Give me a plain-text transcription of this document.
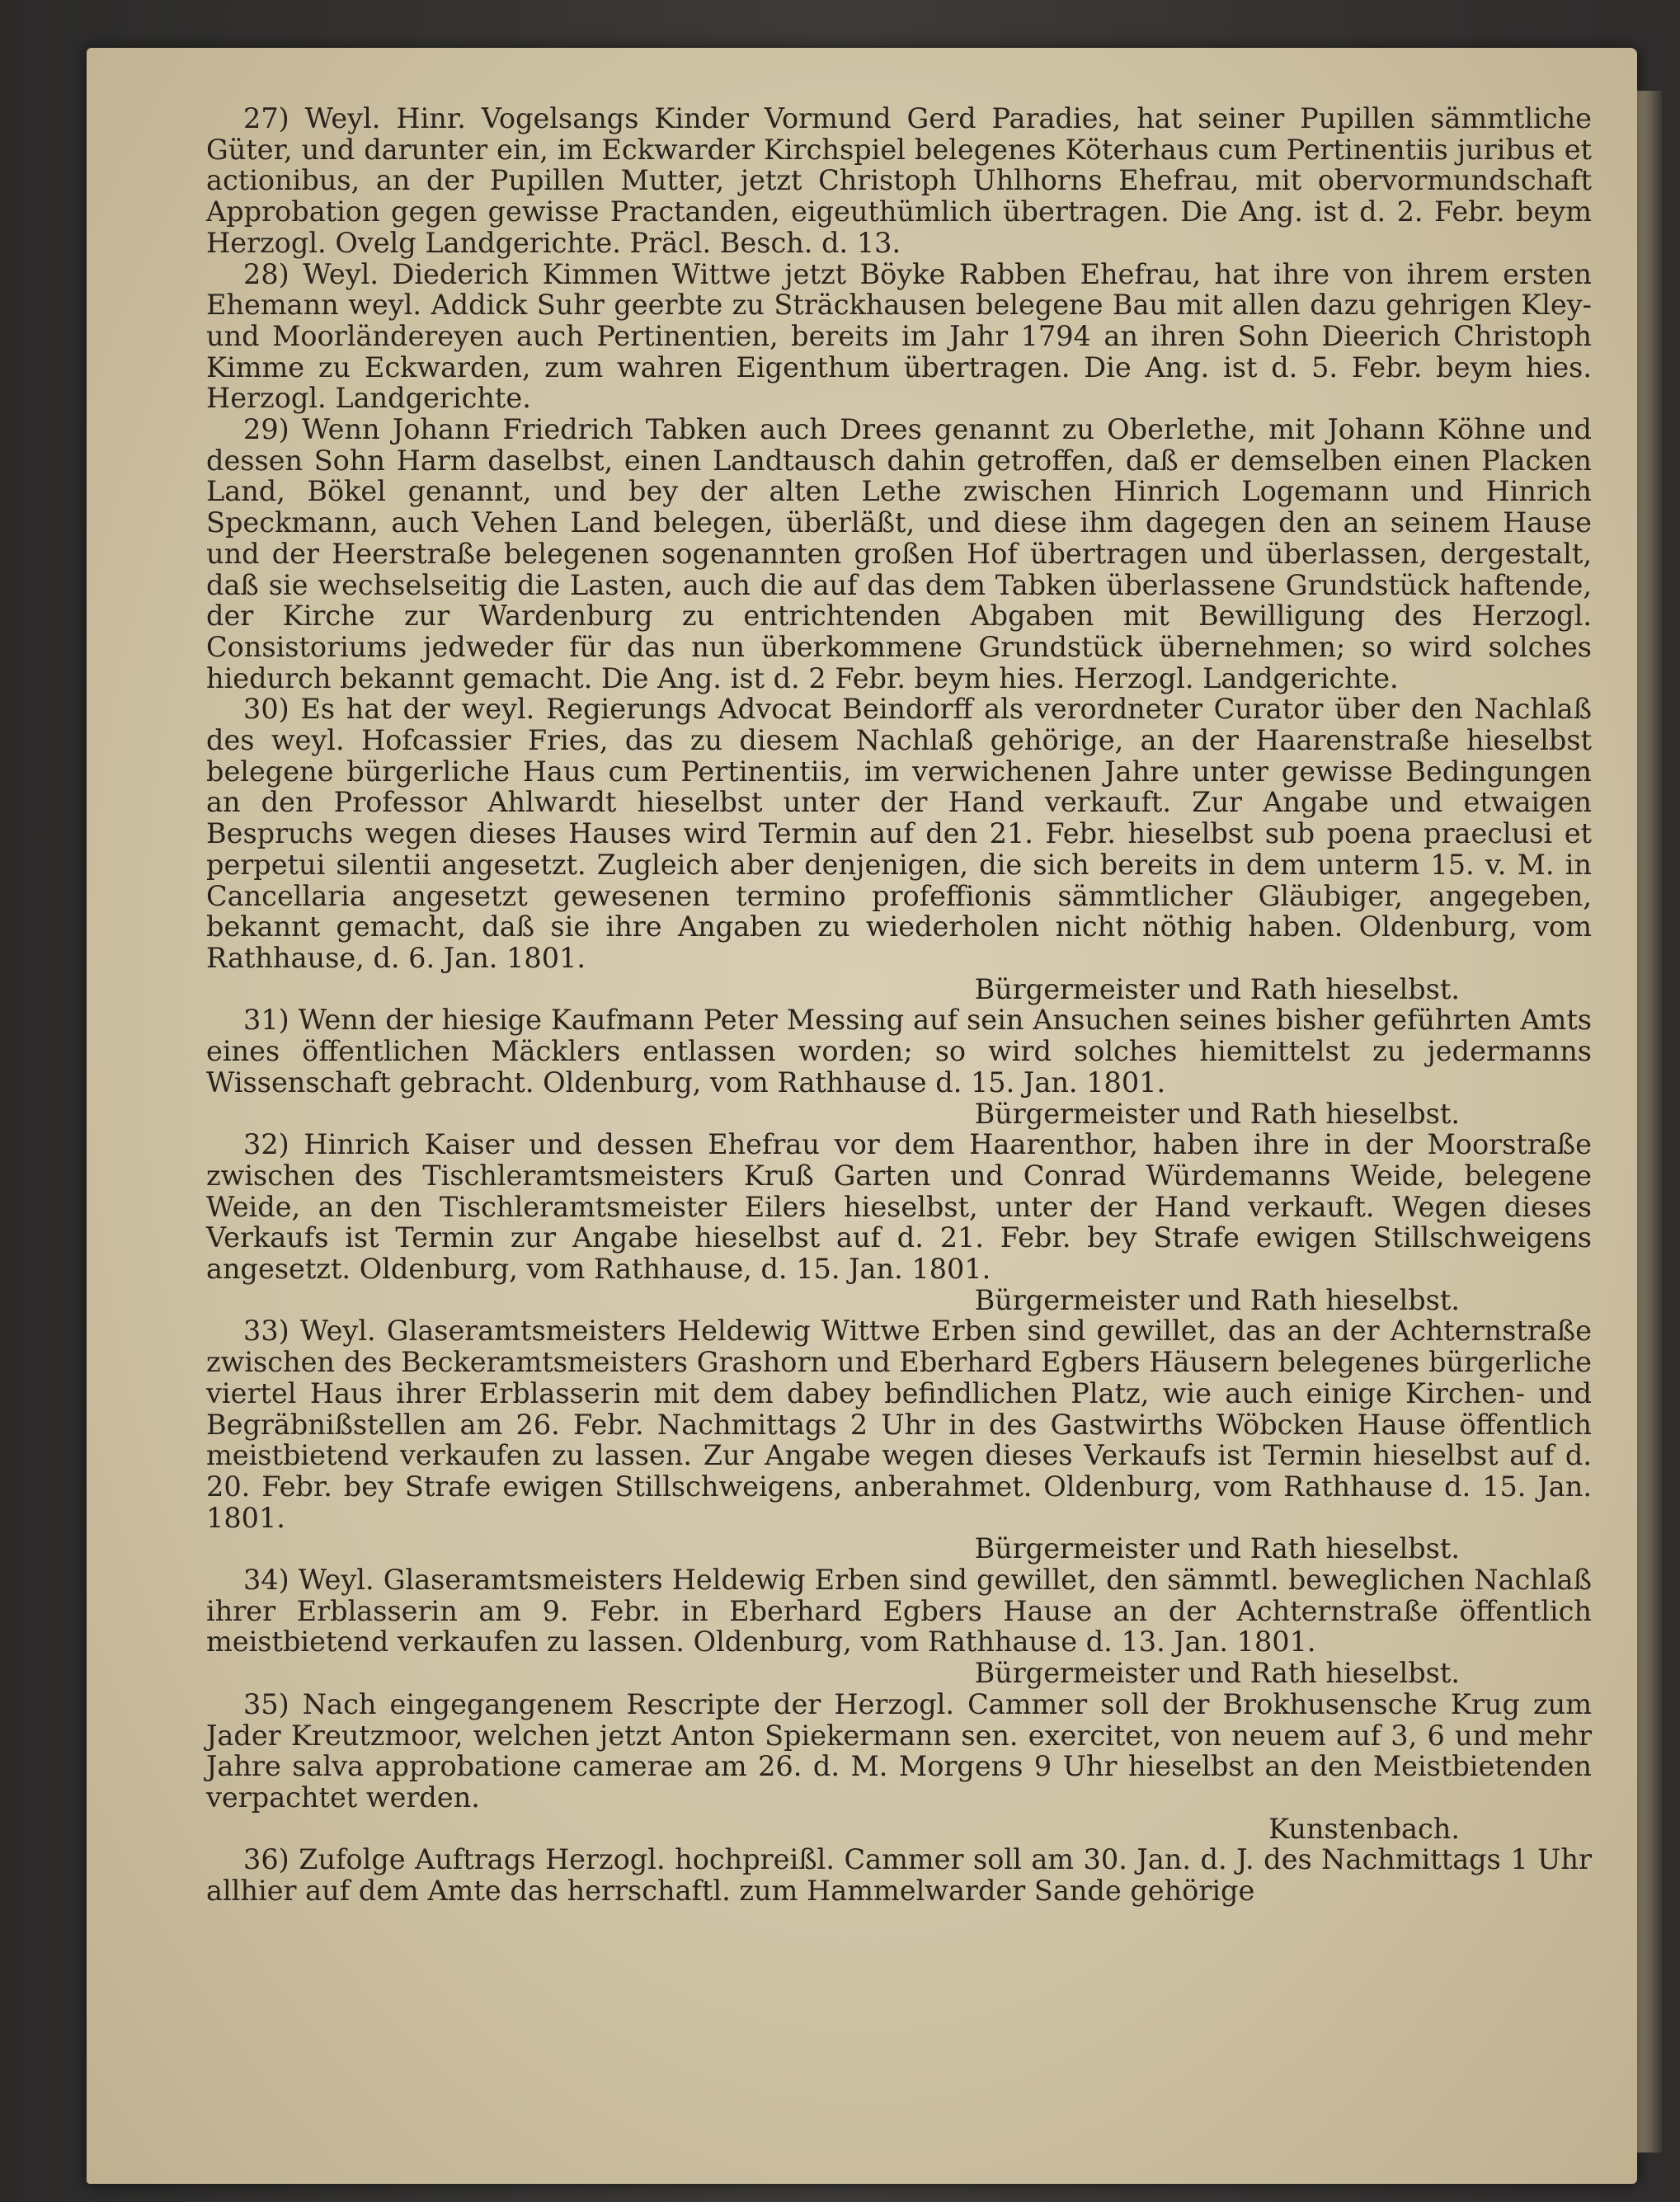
27) Weyl. Hinr. Vogelsangs Kinder Vormund Gerd Paradies, hat seiner Pupillen sämmtliche Güter, und darunter ein, im Eckwarder Kirchspiel belegenes Köterhaus cum Pertinentiis juribus et actionibus, an der Pupillen Mutter, jetzt Christoph Uhlhorns Ehefrau, mit obervormundschaft Approbation gegen gewisse Practanden, eigeuthümlich übertragen. Die Ang. ist d. 2. Febr. beym Herzogl. Ovelg Landgerichte. Präcl. Besch. d. 13.

28) Weyl. Diederich Kimmen Wittwe jetzt Böyke Rabben Ehefrau, hat ihre von ihrem ersten Ehemann weyl. Addick Suhr geerbte zu Sträckhausen belegene Bau mit allen dazu gehrigen Kley- und Moorländereyen auch Pertinentien, bereits im Jahr 1794 an ihren Sohn Dieerich Christoph Kimme zu Eckwarden, zum wahren Eigenthum übertragen. Die Ang. ist d. 5. Febr. beym hies. Herzogl. Landgerichte.

29) Wenn Johann Friedrich Tabken auch Drees genannt zu Oberlethe, mit Johann Köhne und dessen Sohn Harm daselbst, einen Landtausch dahin getroffen, daß er demselben einen Placken Land, Bökel genannt, und bey der alten Lethe zwischen Hinrich Logemann und Hinrich Speckmann, auch Vehen Land belegen, überläßt, und diese ihm dagegen den an seinem Hause und der Heerstraße belegenen sogenannten großen Hof übertragen und überlassen, dergestalt, daß sie wechselseitig die Lasten, auch die auf das dem Tabken überlassene Grundstück haftende, der Kirche zur Wardenburg zu entrichtenden Abgaben mit Bewilligung des Herzogl. Consistoriums jedweder für das nun überkommene Grundstück übernehmen; so wird solches hiedurch bekannt gemacht. Die Ang. ist d. 2 Febr. beym hies. Herzogl. Landgerichte.

30) Es hat der weyl. Regierungs Advocat Beindorff als verordneter Curator über den Nachlaß des weyl. Hofcassier Fries, das zu diesem Nachlaß gehörige, an der Haarenstraße hieselbst belegene bürgerliche Haus cum Pertinentiis, im verwichenen Jahre unter gewisse Bedingungen an den Professor Ahlwardt hieselbst unter der Hand verkauft. Zur Angabe und etwaigen Bespruchs wegen dieses Hauses wird Termin auf den 21. Febr. hieselbst sub poena praeclusi et perpetui silentii angesetzt. Zugleich aber denjenigen, die sich bereits in dem unterm 15. v. M. in Cancellaria angesetzt gewesenen termino profeffionis sämmtlicher Gläubiger, angegeben, bekannt gemacht, daß sie ihre Angaben zu wiederholen nicht nöthig haben. Oldenburg, vom Rathhause, d. 6. Jan. 1801.

Bürgermeister und Rath hieselbst.

31) Wenn der hiesige Kaufmann Peter Messing auf sein Ansuchen seines bisher geführten Amts eines öffentlichen Mäcklers entlassen worden; so wird solches hiemittelst zu jedermanns Wissenschaft gebracht. Oldenburg, vom Rathhause d. 15. Jan. 1801.

Bürgermeister und Rath hieselbst.

32) Hinrich Kaiser und dessen Ehefrau vor dem Haarenthor, haben ihre in der Moorstraße zwischen des Tischleramtsmeisters Kruß Garten und Conrad Würdemanns Weide, belegene Weide, an den Tischleramtsmeister Eilers hieselbst, unter der Hand verkauft. Wegen dieses Verkaufs ist Termin zur Angabe hieselbst auf d. 21. Febr. bey Strafe ewigen Stillschweigens angesetzt. Oldenburg, vom Rathhause, d. 15. Jan. 1801.

Bürgermeister und Rath hieselbst.

33) Weyl. Glaseramtsmeisters Heldewig Wittwe Erben sind gewillet, das an der Achternstraße zwischen des Beckeramtsmeisters Grashorn und Eberhard Egbers Häusern belegenes bürgerliche viertel Haus ihrer Erblasserin mit dem dabey befindlichen Platz, wie auch einige Kirchen- und Begräbnißstellen am 26. Febr. Nachmittags 2 Uhr in des Gastwirths Wöbcken Hause öffentlich meistbietend verkaufen zu lassen. Zur Angabe wegen dieses Verkaufs ist Termin hieselbst auf d. 20. Febr. bey Strafe ewigen Stillschweigens, anberahmet. Oldenburg, vom Rathhause d. 15. Jan. 1801.

Bürgermeister und Rath hieselbst.

34) Weyl. Glaseramtsmeisters Heldewig Erben sind gewillet, den sämmtl. beweglichen Nachlaß ihrer Erblasserin am 9. Febr. in Eberhard Egbers Hause an der Achternstraße öffentlich meistbietend verkaufen zu lassen. Oldenburg, vom Rathhause d. 13. Jan. 1801.

Bürgermeister und Rath hieselbst.

35) Nach eingegangenem Rescripte der Herzogl. Cammer soll der Brokhusensche Krug zum Jader Kreutzmoor, welchen jetzt Anton Spiekermann sen. exercitet, von neuem auf 3, 6 und mehr Jahre salva approbatione camerae am 26. d. M. Morgens 9 Uhr hieselbst an den Meistbietenden verpachtet werden.

Kunstenbach.

36) Zufolge Auftrags Herzogl. hochpreißl. Cammer soll am 30. Jan. d. J. des Nachmittags 1 Uhr allhier auf dem Amte das herrschaftl. zum Hammelwarder Sande gehörige
